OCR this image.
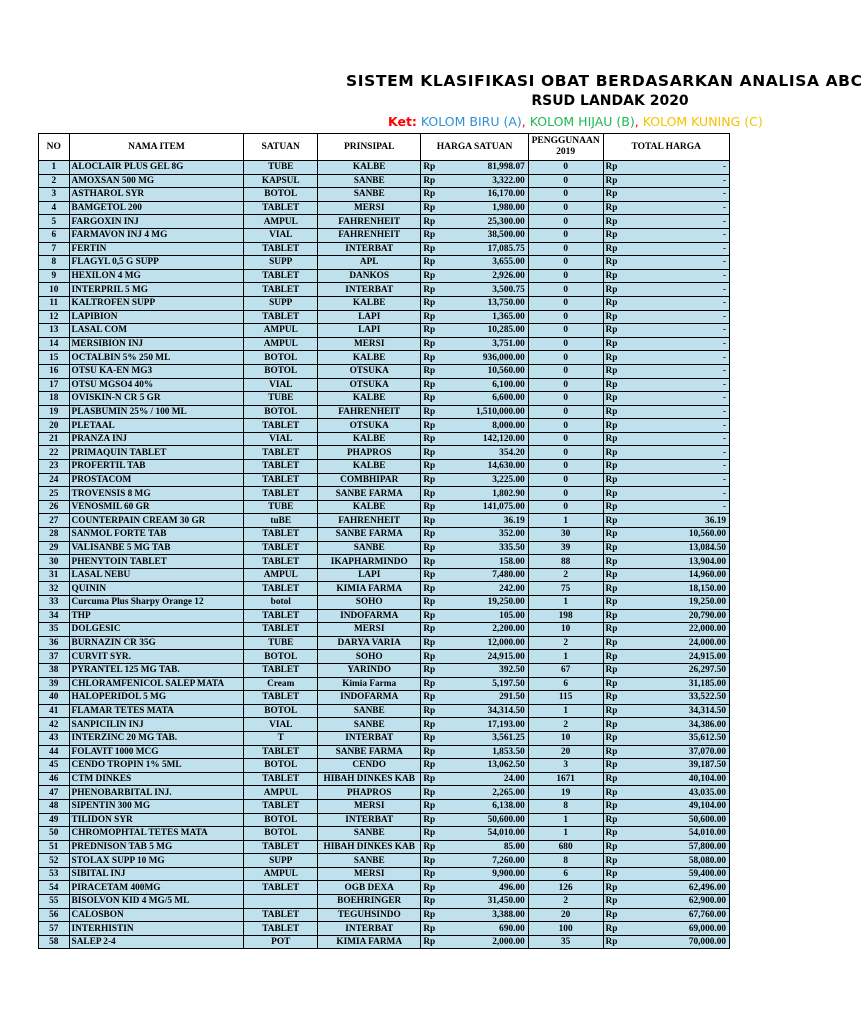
SISTEM KLASIFIKASI OBAT BERDASARKAN ANALISA ABC
RSUD LANDAK 2020
Ket: KOLOM BIRU (A), KOLOM HIJAU (B), KOLOM KUNING (C)
NO	NAMA ITEM	SATUAN	PRINSIPAL	HARGA SATUAN		PENGGUNAAN 2019	TOTAL HARGA	
1	ALOCLAIR PLUS GEL 8G	TUBE	KALBE	Rp	81,998.07	0	Rp	-
2	AMOXSAN 500 MG	KAPSUL	SANBE	Rp	3,322.00	0	Rp	-
3	ASTHAROL SYR	BOTOL	SANBE	Rp	16,170.00	0	Rp	-
4	BAMGETOL 200	TABLET	MERSI	Rp	1,980.00	0	Rp	-
5	FARGOXIN INJ	AMPUL	FAHRENHEIT	Rp	25,300.00	0	Rp	-
6	FARMAVON INJ 4 MG	VIAL	FAHRENHEIT	Rp	38,500.00	0	Rp	-
7	FERTIN	TABLET	INTERBAT	Rp	17,085.75	0	Rp	-
8	FLAGYL 0,5 G SUPP	SUPP	APL	Rp	3,655.00	0	Rp	-
9	HEXILON 4 MG	TABLET	DANKOS	Rp	2,926.00	0	Rp	-
10	INTERPRIL 5 MG	TABLET	INTERBAT	Rp	3,500.75	0	Rp	-
11	KALTROFEN SUPP	SUPP	KALBE	Rp	13,750.00	0	Rp	-
12	LAPIBION	TABLET	LAPI	Rp	1,365.00	0	Rp	-
13	LASAL COM	AMPUL	LAPI	Rp	10,285.00	0	Rp	-
14	MERSIBION INJ	AMPUL	MERSI	Rp	3,751.00	0	Rp	-
15	OCTALBIN 5% 250 ML	BOTOL	KALBE	Rp	936,000.00	0	Rp	-
16	OTSU KA-EN MG3	BOTOL	OTSUKA	Rp	10,560.00	0	Rp	-
17	OTSU MGSO4 40%	VIAL	OTSUKA	Rp	6,100.00	0	Rp	-
18	OVISKIN-N CR 5 GR	TUBE	KALBE	Rp	6,600.00	0	Rp	-
19	PLASBUMIN 25% / 100 ML	BOTOL	FAHRENHEIT	Rp	1,510,000.00	0	Rp	-
20	PLETAAL	TABLET	OTSUKA	Rp	8,000.00	0	Rp	-
21	PRANZA INJ	VIAL	KALBE	Rp	142,120.00	0	Rp	-
22	PRIMAQUIN TABLET	TABLET	PHAPROS	Rp	354.20	0	Rp	-
23	PROFERTIL TAB	TABLET	KALBE	Rp	14,630.00	0	Rp	-
24	PROSTACOM	TABLET	COMBHIPAR	Rp	3,225.00	0	Rp	-
25	TROVENSIS 8 MG	TABLET	SANBE FARMA	Rp	1,802.90	0	Rp	-
26	VENOSMIL 60 GR	TUBE	KALBE	Rp	141,075.00	0	Rp	-
27	COUNTERPAIN CREAM 30 GR	tuBE	FAHRENHEIT	Rp	36.19	1	Rp	36.19
28	SANMOL FORTE TAB	TABLET	SANBE FARMA	Rp	352.00	30	Rp	10,560.00
29	VALISANBE 5 MG TAB	TABLET	SANBE	Rp	335.50	39	Rp	13,084.50
30	PHENYTOIN TABLET	TABLET	IKAPHARMINDO	Rp	158.00	88	Rp	13,904.00
31	LASAL NEBU	AMPUL	LAPI	Rp	7,480.00	2	Rp	14,960.00
32	QUININ	TABLET	KIMIA FARMA	Rp	242.00	75	Rp	18,150.00
33	Curcuma Plus Sharpy Orange 12	botol	SOHO	Rp	19,250.00	1	Rp	19,250.00
34	THP	TABLET	INDOFARMA	Rp	105.00	198	Rp	20,790.00
35	DOLGESIC	TABLET	MERSI	Rp	2,200.00	10	Rp	22,000.00
36	BURNAZIN CR 35G	TUBE	DARYA VARIA	Rp	12,000.00	2	Rp	24,000.00
37	CURVIT SYR.	BOTOL	SOHO	Rp	24,915.00	1	Rp	24,915.00
38	PYRANTEL 125 MG TAB.	TABLET	YARINDO	Rp	392.50	67	Rp	26,297.50
39	CHLORAMFENICOL SALEP MATA	Cream	Kimia Farma	Rp	5,197.50	6	Rp	31,185.00
40	HALOPERIDOL 5 MG	TABLET	INDOFARMA	Rp	291.50	115	Rp	33,522.50
41	FLAMAR TETES MATA	BOTOL	SANBE	Rp	34,314.50	1	Rp	34,314.50
42	SANPICILIN INJ	VIAL	SANBE	Rp	17,193.00	2	Rp	34,386.00
43	INTERZINC 20 MG TAB.	T	INTERBAT	Rp	3,561.25	10	Rp	35,612.50
44	FOLAVIT 1000 MCG	TABLET	SANBE FARMA	Rp	1,853.50	20	Rp	37,070.00
45	CENDO TROPIN 1% 5ML	BOTOL	CENDO	Rp	13,062.50	3	Rp	39,187.50
46	CTM DINKES	TABLET	HIBAH DINKES KAB	Rp	24.00	1671	Rp	40,104.00
47	PHENOBARBITAL INJ.	AMPUL	PHAPROS	Rp	2,265.00	19	Rp	43,035.00
48	SIPENTIN 300 MG	TABLET	MERSI	Rp	6,138.00	8	Rp	49,104.00
49	TILIDON SYR	BOTOL	INTERBAT	Rp	50,600.00	1	Rp	50,600.00
50	CHROMOPHTAL TETES MATA	BOTOL	SANBE	Rp	54,010.00	1	Rp	54,010.00
51	PREDNISON TAB 5 MG	TABLET	HIBAH DINKES KAB	Rp	85.00	680	Rp	57,800.00
52	STOLAX SUPP 10 MG	SUPP	SANBE	Rp	7,260.00	8	Rp	58,080.00
53	SIBITAL INJ	AMPUL	MERSI	Rp	9,900.00	6	Rp	59,400.00
54	PIRACETAM 400MG	TABLET	OGB DEXA	Rp	496.00	126	Rp	62,496.00
55	BISOLVON KID 4 MG/5 ML		BOEHRINGER	Rp	31,450.00	2	Rp	62,900.00
56	CALOSBON	TABLET	TEGUHSINDO	Rp	3,388.00	20	Rp	67,760.00
57	INTERHISTIN	TABLET	INTERBAT	Rp	690.00	100	Rp	69,000.00
58	SALEP 2-4	POT	KIMIA FARMA	Rp	2,000.00	35	Rp	70,000.00
